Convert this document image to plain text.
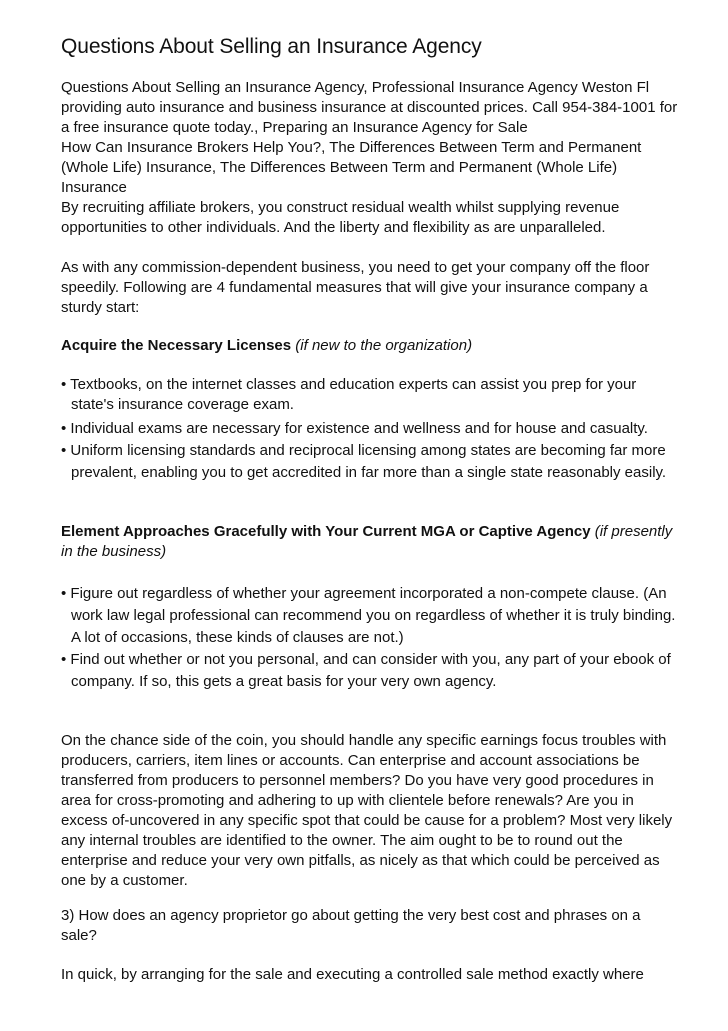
Questions About Selling an Insurance Agency
Questions About Selling an Insurance Agency, Professional Insurance Agency Weston Fl
providing auto insurance and business insurance at discounted prices. Call 954-384-1001 for
a free insurance quote today., Preparing an Insurance Agency for Sale
How Can Insurance Brokers Help You?, The Differences Between Term and Permanent
(Whole Life) Insurance, The Differences Between Term and Permanent (Whole Life)
Insurance
By recruiting affiliate brokers, you construct residual wealth whilst supplying revenue
opportunities to other individuals. And the liberty and flexibility as are unparalleled.
As with any commission-dependent business, you need to get your company off the floor
speedily. Following are 4 fundamental measures that will give your insurance company a
sturdy start:
Acquire the Necessary Licenses (if new to the organization)
• Textbooks, on the internet classes and education experts can assist you prep for your
state's insurance coverage exam.
• Individual exams are necessary for existence and wellness and for house and casualty.
• Uniform licensing standards and reciprocal licensing among states are becoming far more
prevalent, enabling you to get accredited in far more than a single state reasonably easily.
Element Approaches Gracefully with Your Current MGA or Captive Agency (if presently
in the business)
• Figure out regardless of whether your agreement incorporated a non-compete clause. (An
work law legal professional can recommend you on regardless of whether it is truly binding.
A lot of occasions, these kinds of clauses are not.)
• Find out whether or not you personal, and can consider with you, any part of your ebook of
company. If so, this gets a great basis for your very own agency.
On the chance side of the coin, you should handle any specific earnings focus troubles with
producers, carriers, item lines or accounts. Can enterprise and account associations be
transferred from producers to personnel members? Do you have very good procedures in
area for cross-promoting and adhering to up with clientele before renewals? Are you in
excess of-uncovered in any specific spot that could be cause for a problem? Most very likely
any internal troubles are identified to the owner. The aim ought to be to round out the
enterprise and reduce your very own pitfalls, as nicely as that which could be perceived as
one by a customer.
3) How does an agency proprietor go about getting the very best cost and phrases on a
sale?
In quick, by arranging for the sale and executing a controlled sale method exactly where
